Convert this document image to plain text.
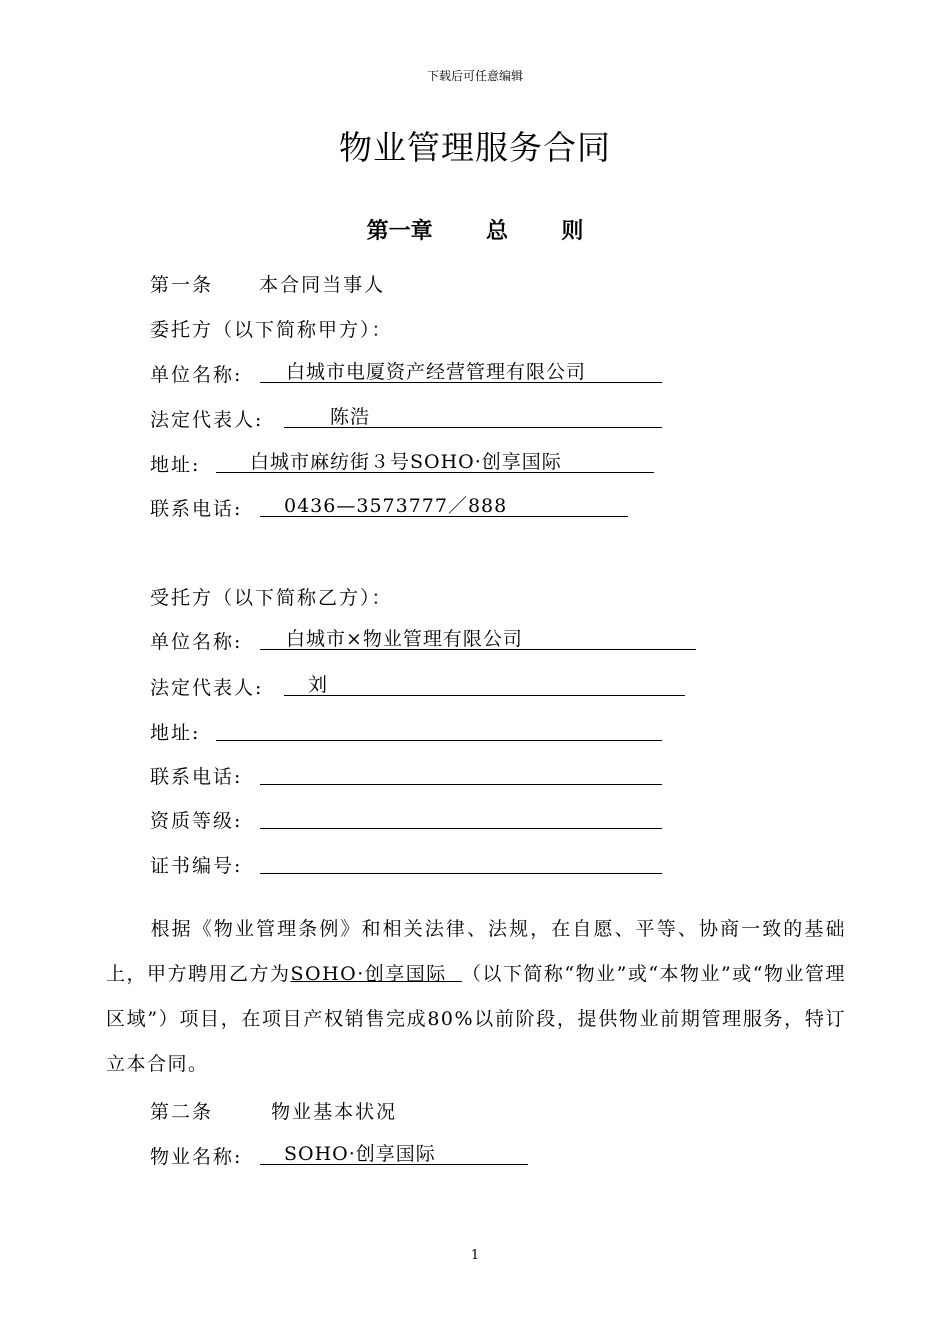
下载后可任意编辑
物业管理服务合同
第一章 总 则
第一条 本合同当事人
委托方（以下简称甲方）：
单位名称: 白城市电厦资产经营管理有限公司
法定代表人:	陈浩
地址:	白城市麻纺街３号SOHO·创享国际
联系电话: 0436—3573777／888
受托方（以下简称乙方）：
单位名称: 白城市×物业管理有限公司
法定代表人: 刘
地址:
联系电话:
资质等级:
证书编号:
根据《物业管理条例》和相关法律、法规，在自愿、平等、协商一致的基础上，甲方聘用乙方为SOHO·创享国际 （以下简称“物业”或“本物业”或“物业管理区域”）项目，在项目产权销售完成80%以前阶段，提供物业前期管理服务，特订立本合同。
第二条	物业基本状况
物业名称: SOHO·创享国际
1
